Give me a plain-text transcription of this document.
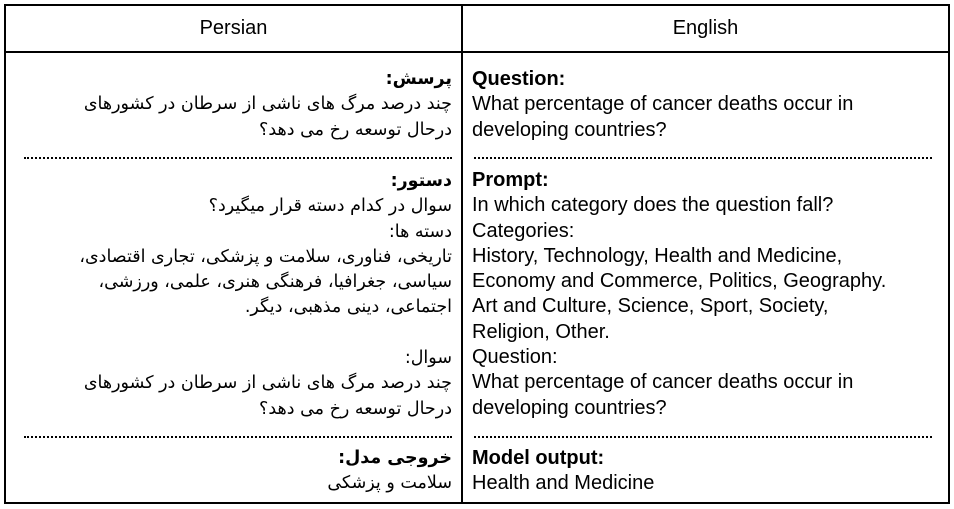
Persian	English
پرسش:
چند درصد مرگ های ناشی از سرطان در کشورهای
درحال توسعه رخ می دهد؟
دستور:
سوال در کدام دسته قرار میگیرد؟
دسته ها:
تاریخی، فناوری، سلامت و پزشکی، تجاری اقتصادی،
سیاسی، جغرافیا، فرهنگی هنری، علمی، ورزشی،
اجتماعی، دینی مذهبی، دیگر.
سوال:
چند درصد مرگ های ناشی از سرطان در کشورهای
درحال توسعه رخ می دهد؟
خروجی مدل:
سلامت و پزشکی
Question:
What percentage of cancer deaths occur in
developing countries?
Prompt:
In which category does the question fall?
Categories:
History, Technology, Health and Medicine,
Economy and Commerce, Politics, Geography.
Art and Culture, Science, Sport, Society,
Religion, Other.
Question:
What percentage of cancer deaths occur in
developing countries?
Model output:
Health and Medicine
